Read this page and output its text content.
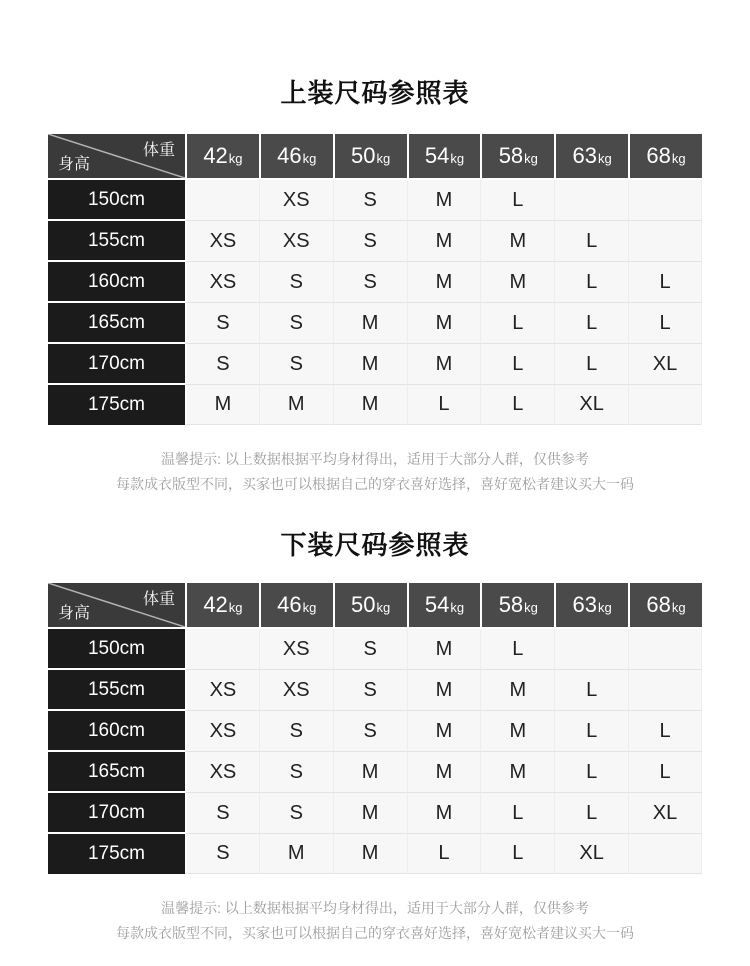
上装尺码参照表
体重
身高	42kg	46kg	50kg	54kg	58kg	63kg	68kg
150cm		XS	S	M	L		
155cm	XS	XS	S	M	M	L	
160cm	XS	S	S	M	M	L	L
165cm	S	S	M	M	L	L	L
170cm	S	S	M	M	L	L	XL
175cm	M	M	M	L	L	XL	
温馨提示: 以上数据根据平均身材得出，适用于大部分人群，仅供参考
每款成衣版型不同，买家也可以根据自己的穿衣喜好选择，喜好宽松者建议买大一码
下装尺码参照表
体重
身高	42kg	46kg	50kg	54kg	58kg	63kg	68kg
150cm		XS	S	M	L		
155cm	XS	XS	S	M	M	L	
160cm	XS	S	S	M	M	L	L
165cm	XS	S	M	M	M	L	L
170cm	S	S	M	M	L	L	XL
175cm	S	M	M	L	L	XL	
温馨提示: 以上数据根据平均身材得出，适用于大部分人群，仅供参考
每款成衣版型不同，买家也可以根据自己的穿衣喜好选择，喜好宽松者建议买大一码
